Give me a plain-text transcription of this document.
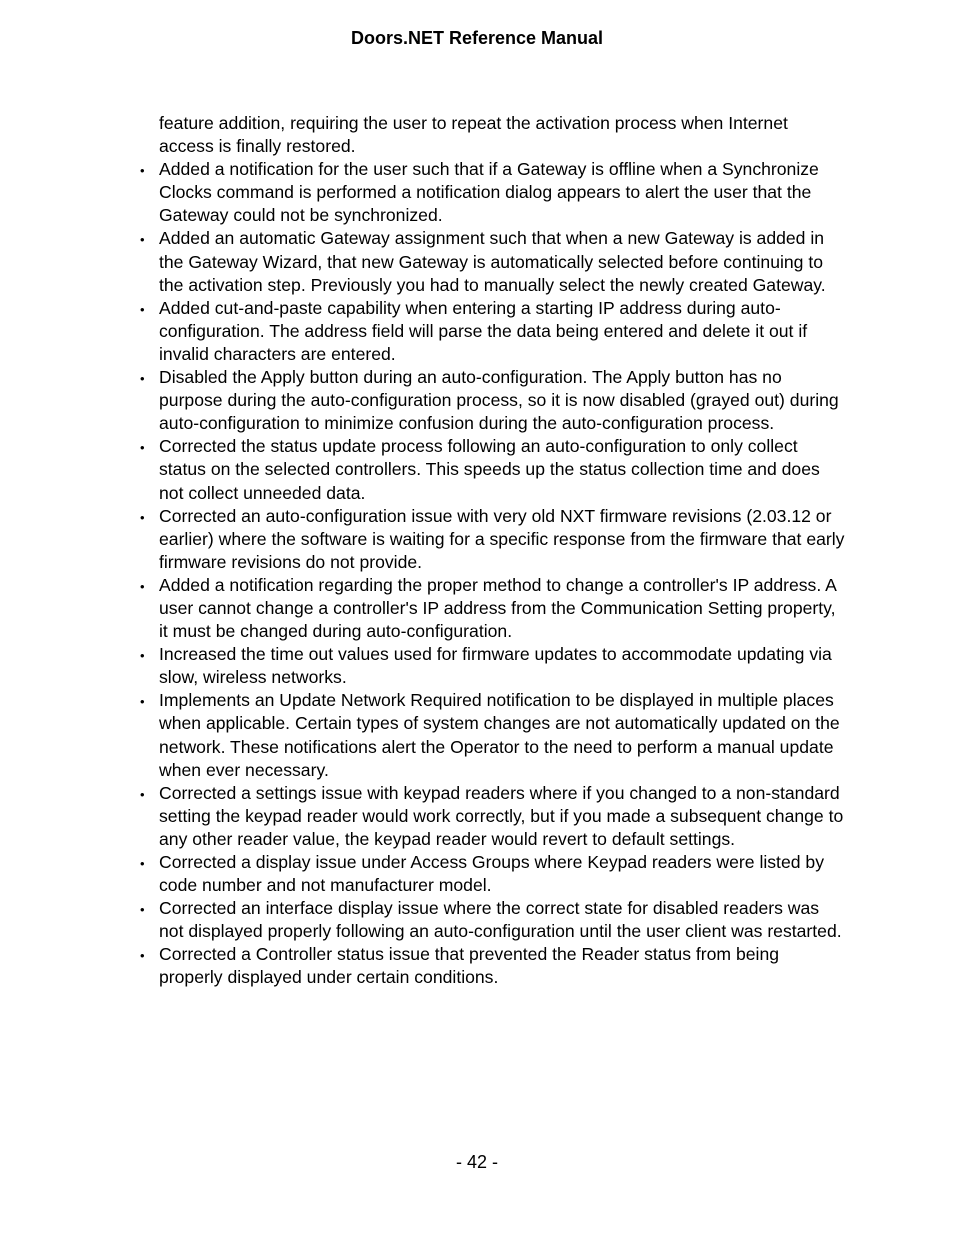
Doors.NET Reference Manual

feature addition, requiring the user to repeat the activation process when Internet access is finally restored.

• Added a notification for the user such that if a Gateway is offline when a Synchronize Clocks command is performed a notification dialog appears to alert the user that the Gateway could not be synchronized.
• Added an automatic Gateway assignment such that when a new Gateway is added in the Gateway Wizard, that new Gateway is automatically selected before continuing to the activation step. Previously you had to manually select the newly created Gateway.
• Added cut-and-paste capability when entering a starting IP address during auto-configuration. The address field will parse the data being entered and delete it out if invalid characters are entered.
• Disabled the Apply button during an auto-configuration. The Apply button has no purpose during the auto-configuration process, so it is now disabled (grayed out) during auto-configuration to minimize confusion during the auto-configuration process.
• Corrected the status update process following an auto-configuration to only collect status on the selected controllers. This speeds up the status collection time and does not collect unneeded data.
• Corrected an auto-configuration issue with very old NXT firmware revisions (2.03.12 or earlier) where the software is waiting for a specific response from the firmware that early firmware revisions do not provide.
• Added a notification regarding the proper method to change a controller's IP address. A user cannot change a controller's IP address from the Communication Setting property, it must be changed during auto-configuration.
• Increased the time out values used for firmware updates to accommodate updating via slow, wireless networks.
• Implements an Update Network Required notification to be displayed in multiple places when applicable. Certain types of system changes are not automatically updated on the network. These notifications alert the Operator to the need to perform a manual update when ever necessary.
• Corrected a settings issue with keypad readers where if you changed to a non-standard setting the keypad reader would work correctly, but if you made a subsequent change to any other reader value, the keypad reader would revert to default settings.
• Corrected a display issue under Access Groups where Keypad readers were listed by code number and not manufacturer model.
• Corrected an interface display issue where the correct state for disabled readers was not displayed properly following an auto-configuration until the user client was restarted.
• Corrected a Controller status issue that prevented the Reader status from being properly displayed under certain conditions.
- 42 -
